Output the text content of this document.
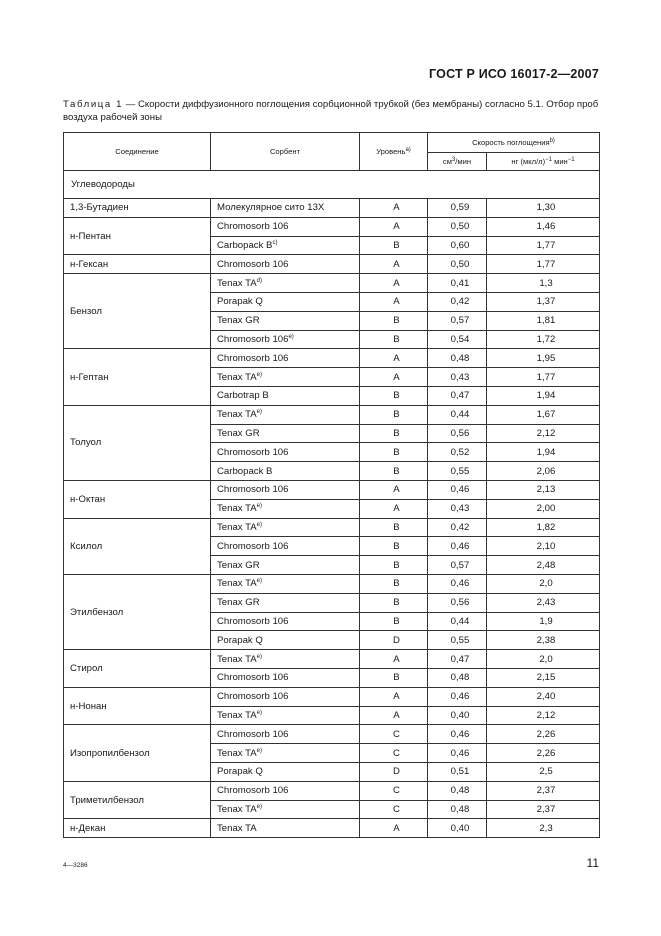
ГОСТ Р ИСО 16017-2—2007
Таблица 1 — Скорости диффузионного поглощения сорбционной трубкой (без мембраны) согласно 5.1. Отбор проб воздуха рабочей зоны
Соединение	Сорбент	Уровень$^{a)}$	Скорость поглощения$^{b)}$
			$см^3$/мин	нг $(мкл/л)^{-1}$ мин$^{-1}$
Углеводороды				
1,3-Бутадиен	Молекулярное сито 13Х	A	0,59	1,30
н-Пентан	Chromosorb 106	A	0,50	1,46
	Carbopack $B^{c)}$	B	0,60	1,77
н-Гексан	Chromosorb 106	A	0,50	1,77
Бензол	Tenax TA$^{d)}$	A	0,41	1,3
	Porapak Q	A	0,42	1,37
	Tenax GR	B	0,57	1,81
	Chromosorb 106$^{e)}$	B	0,54	1,72
н-Гептан	Chromosorb 106	A	0,48	1,95
	Tenax TA$^{e)}$	A	0,43	1,77
	Carbotrap B	B	0,47	1,94
Толуол	Tenax TA$^{e)}$	B	0,44	1,67
	Tenax GR	B	0,56	2,12
	Chromosorb 106	B	0,52	1,94
	Carbopack B	B	0,55	2,06
н-Октан	Chromosorb 106	A	0,46	2,13
	Tenax TA$^{e)}$	A	0,43	2,00
Ксилол	Tenax TA$^{e)}$	B	0,42	1,82
	Chromosorb 106	B	0,46	2,10
	Tenax GR	B	0,57	2,48
Этилбензол	Tenax TA$^{e)}$	B	0,46	2,0
	Tenax GR	B	0,56	2,43
	Chromosorb 106	B	0,44	1,9
	Porapak Q	D	0,55	2,38
Стирол	Tenax TA$^{e)}$	A	0,47	2,0
	Chromosorb 106	B	0,48	2,15
н-Нонан	Chromosorb 106	A	0,46	2,40
	Tenax TA$^{e)}$	A	0,40	2,12
Изопропилбензол	Chromosorb 106	C	0,46	2,26
	Tenax TA$^{e)}$	C	0,46	2,26
	Porapak Q	D	0,51	2,5
Триметилбензол	Chromosorb 106	C	0,48	2,37
	Tenax TA$^{e)}$	C	0,48	2,37
н-Декан	Tenax TA	A	0,40	2,3
4—3286	11
